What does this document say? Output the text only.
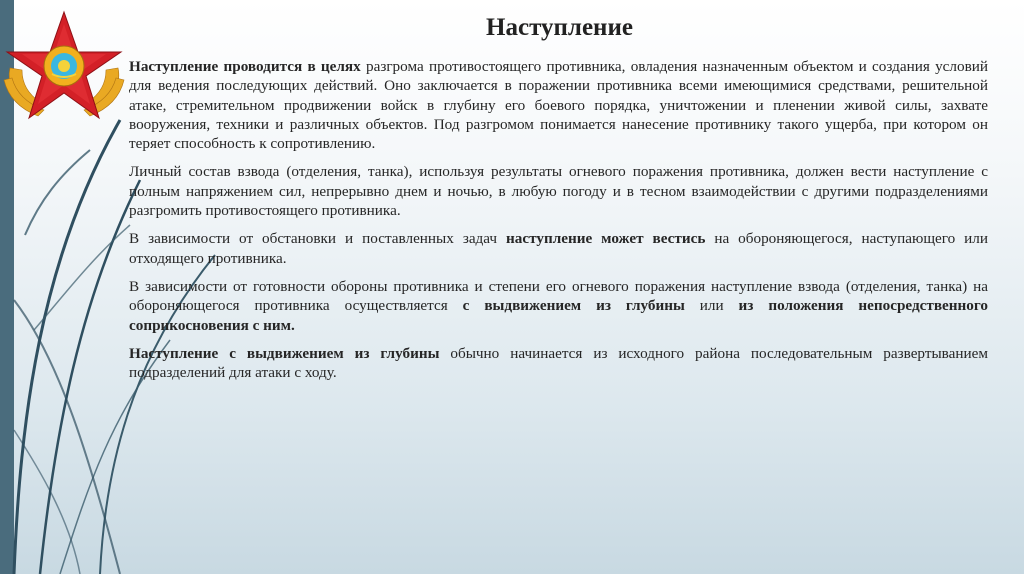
Наступление

Наступление проводится в целях разгрома противостоящего противника, овладения назначенным объектом и создания условий для ведения последующих действий. Оно заключается в поражении противника всеми имеющимися средствами, решительной атаке, стремительном продвижении войск в глубину его боевого порядка, уничтожении и пленении живой силы, захвате вооружения, техники и различных объектов. Под разгромом понимается нанесение противнику такого ущерба, при котором он теряет способность к сопротивлению.

Личный состав взвода (отделения, танка), используя результаты огневого поражения противника, должен вести наступление с полным напряжением сил, непрерывно днем и ночью, в любую погоду и в тесном взаимодействии с другими подразделениями разгромить противостоящего противника.

В зависимости от обстановки и поставленных задач наступление может вестись на обороняющегося, наступающего или отходящего противника.

В зависимости от готовности обороны противника и степени его огневого поражения наступление взвода (отделения, танка) на обороняющегося противника осуществляется с выдвижением из глубины или из положения непосредственного соприкосновения с ним.

Наступление с выдвижением из глубины обычно начинается из исходного района последовательным развертыванием подразделений для атаки с ходу.
